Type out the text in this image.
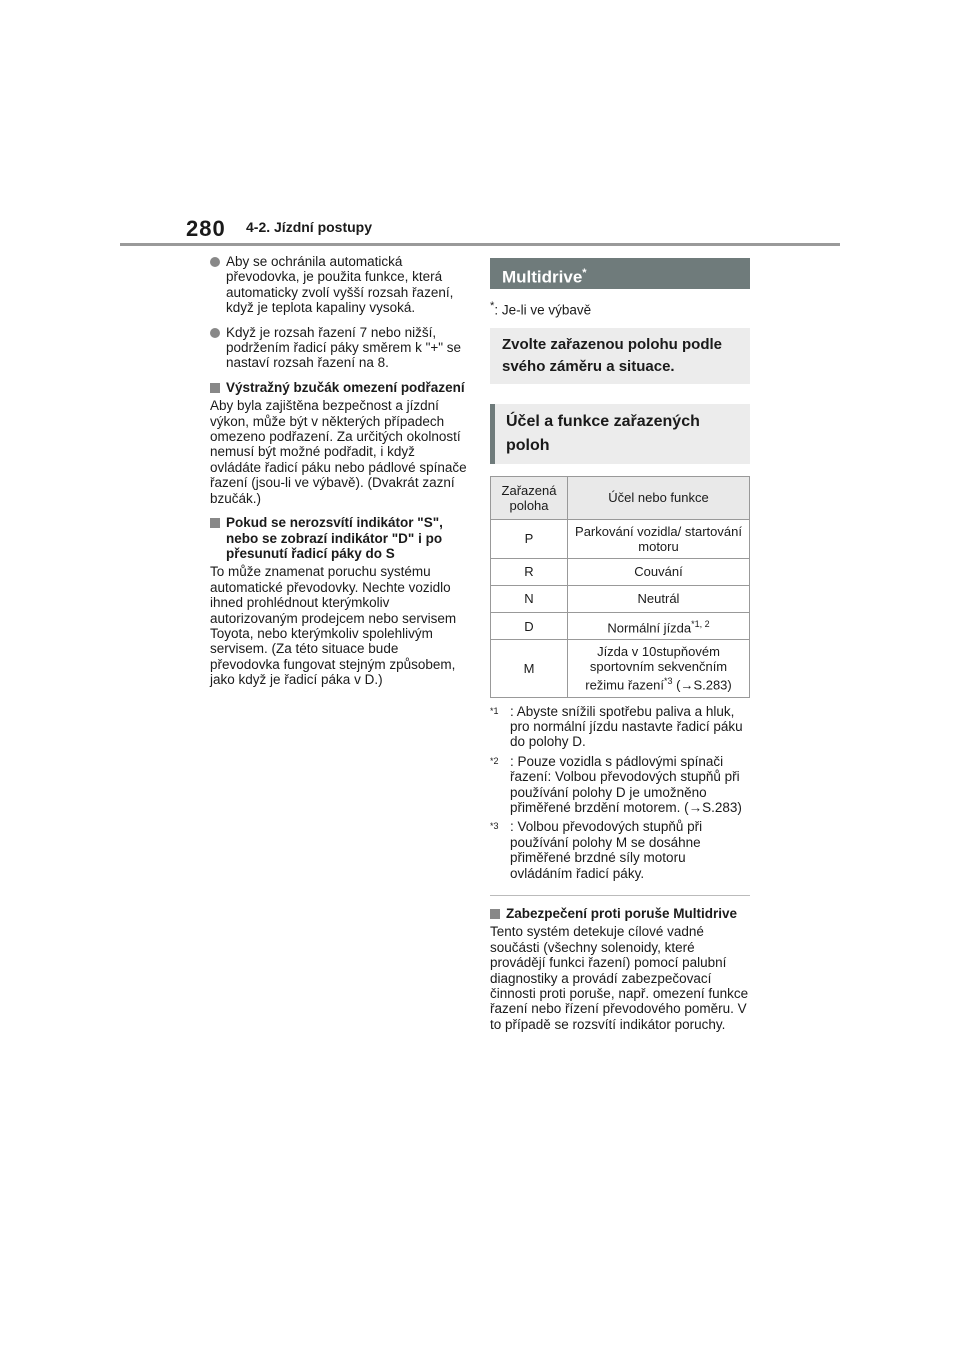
280 4-2. Jízdní postupy
Aby se ochránila automatická převodovka, je použita funkce, která automaticky zvolí vyšší rozsah řazení, když je teplota kapaliny vysoká.
Když je rozsah řazení 7 nebo nižší, podržením řadicí páky směrem k "+" se nastaví rozsah řazení na 8.
Výstražný bzučák omezení podřazení
Aby byla zajištěna bezpečnost a jízdní výkon, může být v některých případech omezeno podřazení. Za určitých okolností nemusí být možné podřadit, i když ovládáte řadicí páku nebo pádlové spínače řazení (jsou-li ve výbavě). (Dvakrát zazní bzučák.)
Pokud se nerozsvítí indikátor "S", nebo se zobrazí indikátor "D" i po přesunutí řadicí páky do S
To může znamenat poruchu systému automatické převodovky. Nechte vozidlo ihned prohlédnout kterýmkoliv autorizovaným prodejcem nebo servisem Toyota, nebo kterýmkoliv spolehlivým servisem. (Za této situace bude převodovka fungovat stejným způsobem, jako když je řadicí páka v D.)
Multidrive*
*: Je-li ve výbavě
Zvolte zařazenou polohu podle svého záměru a situace.
Účel a funkce zařazených poloh
Zařazená poloha	Účel nebo funkce
P	Parkování vozidla/ startování motoru
R	Couvání
N	Neutrál
D	Normální jízda$^{*1, 2}$
M	Jízda v 10stupňovém sportovním sekvenčním režimu řazení$^{*3}$ (→S.283)
*1 : Abyste snížili spotřebu paliva a hluk, pro normální jízdu nastavte řadicí páku do polohy D.
*2 : Pouze vozidla s pádlovými spínači řazení: Volbou převodových stupňů při používání polohy D je umožněno přiměřené brzdění motorem. (→S.283)
*3 : Volbou převodových stupňů při používání polohy M se dosáhne přiměřené brzdné síly motoru ovládáním řadicí páky.
Zabezpečení proti poruše Multidrive
Tento systém detekuje cílové vadné součásti (všechny solenoidy, které provádějí funkci řazení) pomocí palubní diagnostiky a provádí zabezpečovací činnosti proti poruše, např. omezení funkce řazení nebo řízení převodového poměru. V to případě se rozsvítí indikátor poruchy.
